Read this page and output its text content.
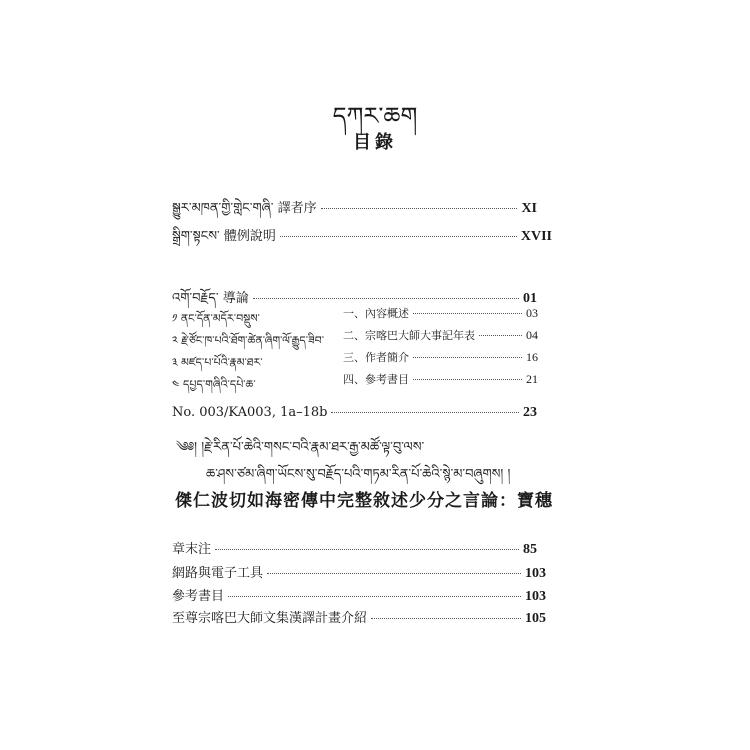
དཀར་ཆག
目錄
སྒྱུར་མཁན་གྱི་གླེང་གཞི་ 譯者序	XI
སྒྲིག་སྟངས་ 體例說明	XVII
འགོ་བརྗོད་ 導論	01
༡ ནང་དོན་མདོར་བསྡུས་	一、內容概述	03
༢ རྗེ་ཙོང་ཁ་པའི་ཐོག་ཚེན་ཞིག་ལོ་རྒྱུད་ཟིབ་ 二、宗喀巴大師大事記年表	04
༣ མཛད་པ་པོའི་རྣམ་ཐར་	三、作者簡介	16
༤ དཔྱད་གཞིའི་དཔེ་ཆ་	四、參考書目	21
No. 003/KA003, 1a–18b	23
༄༅། །རྗེ་རིན་པོ་ཆེའི་གསང་བའི་རྣམ་ཐར་རྒྱ་མཚོ་ལྟ་བུ་ལས་
ཆ་ཤས་ཙམ་ཞིག་ཡོངས་སུ་བརྗོད་པའི་གཏམ་རིན་པོ་ཆེའི་སྙེ་མ་བཞུགས། །
傑仁波切如海密傳中完整敘述少分之言論：寶穗
章末注	85
網路與電子工具	103
參考書目	103
至尊宗喀巴大師文集漢譯計畫介紹	105
